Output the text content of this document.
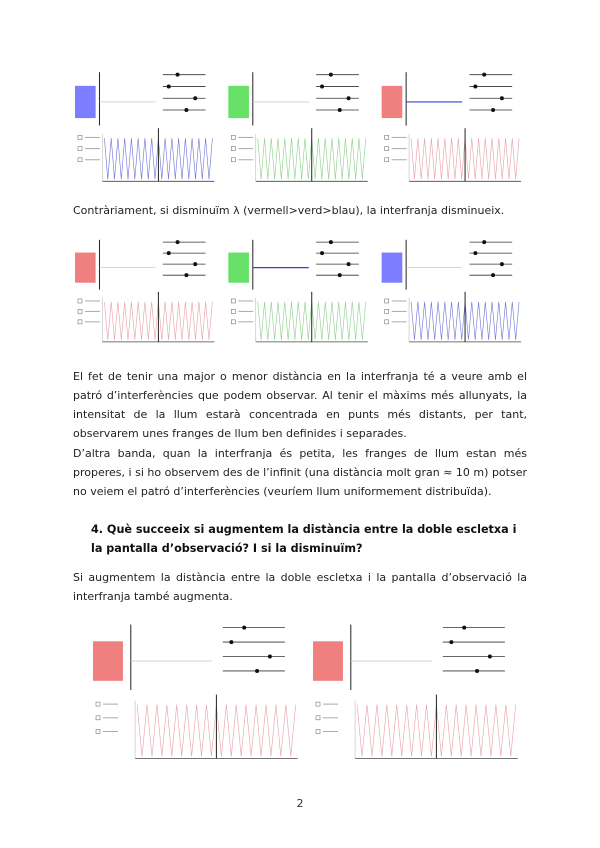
Contràriament, si disminuïm λ (vermell>verd>blau), la interfranja disminueix.
El fet de tenir una major o menor distància en la interfranja té a veure amb el patró d’interferències que podem observar. Al tenir el màxims més allunyats, la intensitat de la llum estarà concentrada en punts més distants, per tant, observarem unes franges de llum ben definides i separades.
D’altra banda, quan la interfranja és petita, les franges de llum estan més properes, i si ho observem des de l’infinit (una distància molt gran ≈ 10 m) potser no veiem el patró d’interferències (veuríem llum uniformement distribuïda).
4. Què succeeix si augmentem la distància entre la doble escletxa i la pantalla d’observació? I si la disminuïm?
Si augmentem la distància entre la doble escletxa i la pantalla d’observació la interfranja també augmenta.
2
